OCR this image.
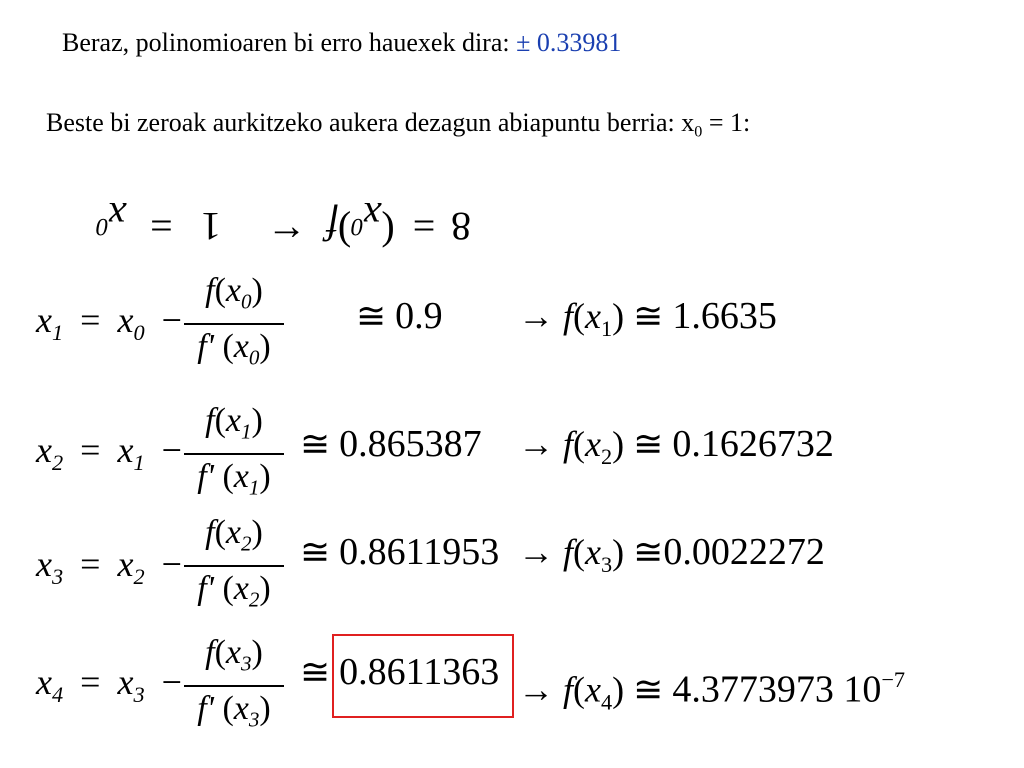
Beraz, polinomioaren bi erro hauexek dira: ± 0.33981
Beste bi zeroak aurkitzeko aukera dezagun abiapuntu berria: $x_0 = 1$:
$x^0 = 1 \to f$( $x^0$ ) = 8
$x_1 = x_0$ −
$f(x_0)$
f' $(x_0)$
≅ $0.9 \to f(x_1)$ ≅ 1.6635
$x_2 = x_1$ −
$f(x_1)$
f' $(x_1)$
≅ $0.865387 \to f(x_2)$ ≅ 0.1626732
$x_3 = x_2$ −
$f(x_2)$
f' $(x_2)$
≅ $0.8611953 \to f(x_3)$ ≅0.0022272
$x_4 = x_3$ −
$f(x_3)$
f' $(x_3)$
≅ $0.8611363 \to f(x_4)$ ≅ 4.3773973 $10^{-7}$
